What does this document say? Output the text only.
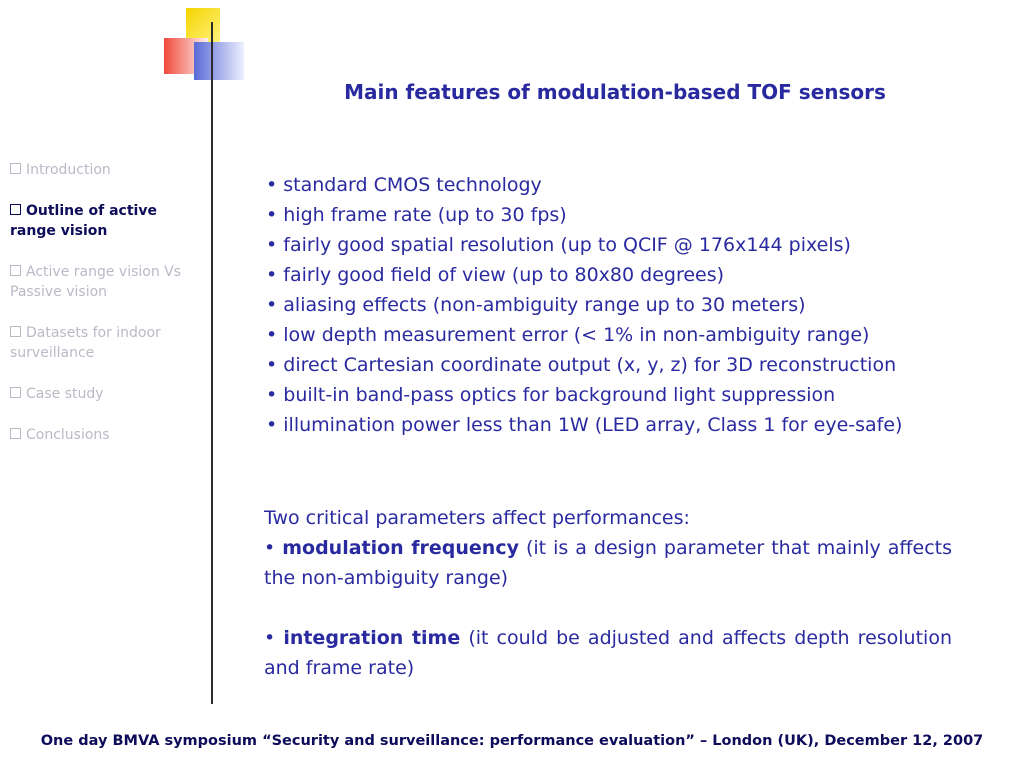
Introduction
Outline of active range vision
Active range vision Vs Passive vision
Datasets for indoor surveillance
Case study
Conclusions
Main features of modulation-based TOF sensors
• standard CMOS technology
• high frame rate (up to 30 fps)
• fairly good spatial resolution (up to QCIF @ 176x144 pixels)
• fairly good field of view (up to 80x80 degrees)
• aliasing effects (non-ambiguity range up to 30 meters)
• low depth measurement error (< 1% in non-ambiguity range)
• direct Cartesian coordinate output (x, y, z) for 3D reconstruction
• built-in band-pass optics for background light suppression
• illumination power less than 1W (LED array, Class 1 for eye-safe)
Two critical parameters affect performances:
• modulation frequency (it is a design parameter that mainly affects the non-ambiguity range)
• integration time (it could be adjusted and affects depth resolution and frame rate)
One day BMVA symposium “Security and surveillance: performance evaluation” – London (UK), December 12, 2007
